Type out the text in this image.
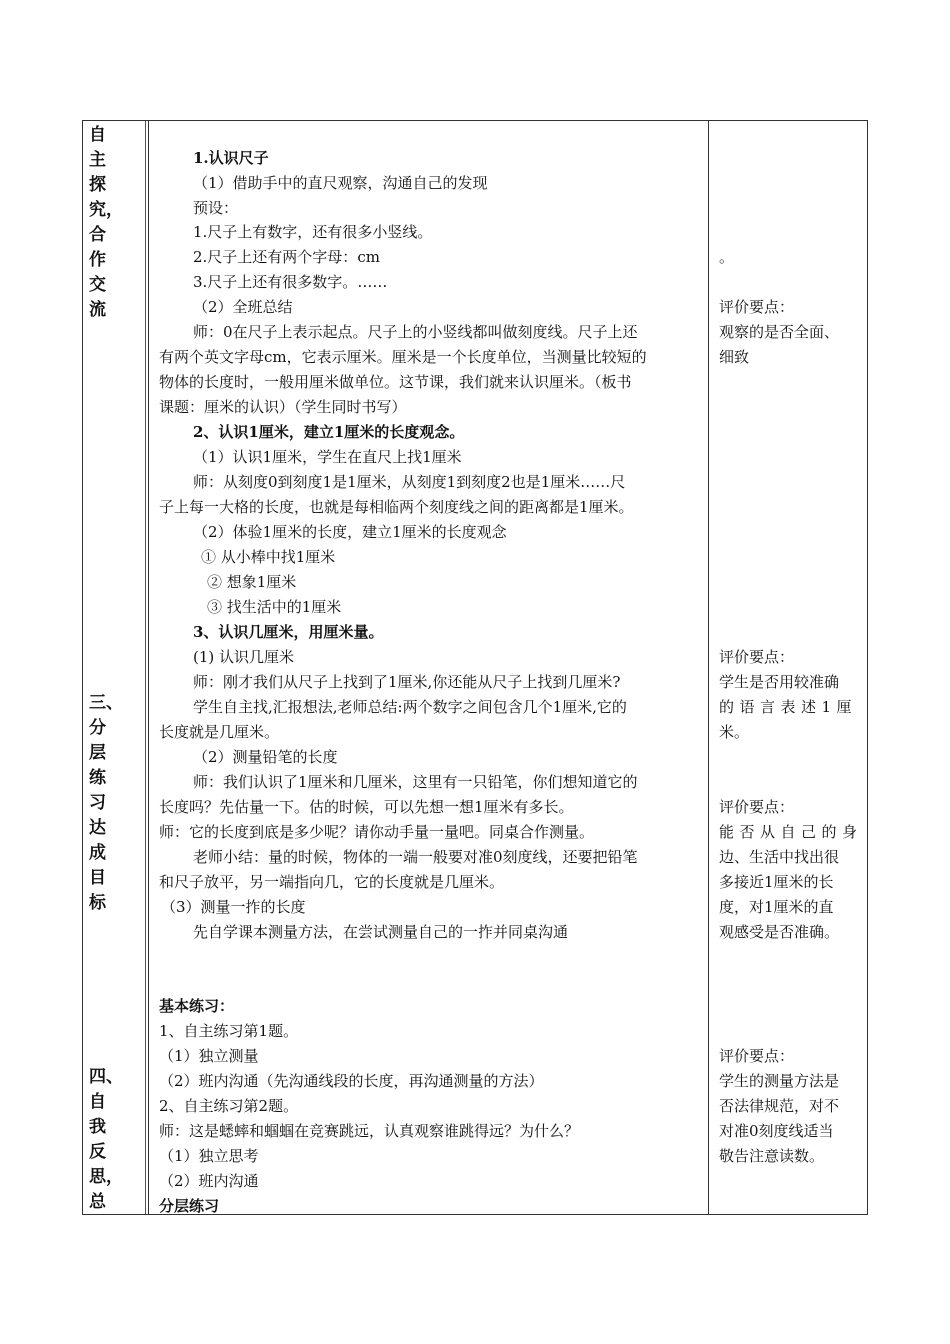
自
主
探
究，
合
作
交
流
三、
分
层
练
习
达
成
目
标
四、
自
我
反
思，
总
1.认识尺子
（1）借助手中的直尺观察，沟通自己的发现
预设：
1.尺子上有数字，还有很多小竖线。
2.尺子上还有两个字母：cm
3.尺子上还有很多数字。……
（2）全班总结
师：0在尺子上表示起点。尺子上的小竖线都叫做刻度线。尺子上还
有两个英文字母cm，它表示厘米。厘米是一个长度单位，当测量比较短的
物体的长度时，一般用厘米做单位。这节课，我们就来认识厘米。（板书
课题：厘米的认识）（学生同时书写）
2、认识1厘米，建立1厘米的长度观念。
（1）认识1厘米，学生在直尺上找1厘米
师：从刻度0到刻度1是1厘米，从刻度1到刻度2也是1厘米……尺
子上每一大格的长度，也就是每相临两个刻度线之间的距离都是1厘米。
（2）体验1厘米的长度，建立1厘米的长度观念
① 从小棒中找1厘米
② 想象1厘米
③ 找生活中的1厘米
3、认识几厘米，用厘米量。
(1) 认识几厘米
师：刚才我们从尺子上找到了1厘米,你还能从尺子上找到几厘米?
学生自主找,汇报想法,老师总结:两个数字之间包含几个1厘米,它的
长度就是几厘米。
（2）测量铅笔的长度
师：我们认识了1厘米和几厘米，这里有一只铅笔，你们想知道它的
长度吗？先估量一下。估的时候，可以先想一想1厘米有多长。
师：它的长度到底是多少呢？请你动手量一量吧。同桌合作测量。
老师小结：量的时候，物体的一端一般要对准0刻度线，还要把铅笔
和尺子放平，另一端指向几，它的长度就是几厘米。
（3）测量一拃的长度
先自学课本测量方法，在尝试测量自己的一拃并同桌沟通
基本练习：
1、自主练习第1题。
（1）独立测量
（2）班内沟通（先沟通线段的长度，再沟通测量的方法）
2、自主练习第2题。
师：这是蟋蟀和蝈蝈在竞赛跳远，认真观察谁跳得远？为什么？
（1）独立思考
（2）班内沟通
分层练习
。
评价要点：
观察的是否全面、
细致
评价要点：
学生是否用较准确
的语言表述1厘
米。
评价要点：
能否从自己的身
边、生活中找出很
多接近1厘米的长
度，对1厘米的直
观感受是否准确。
评价要点：
学生的测量方法是
否法律规范，对不
对准0刻度线适当
敬告注意读数。
